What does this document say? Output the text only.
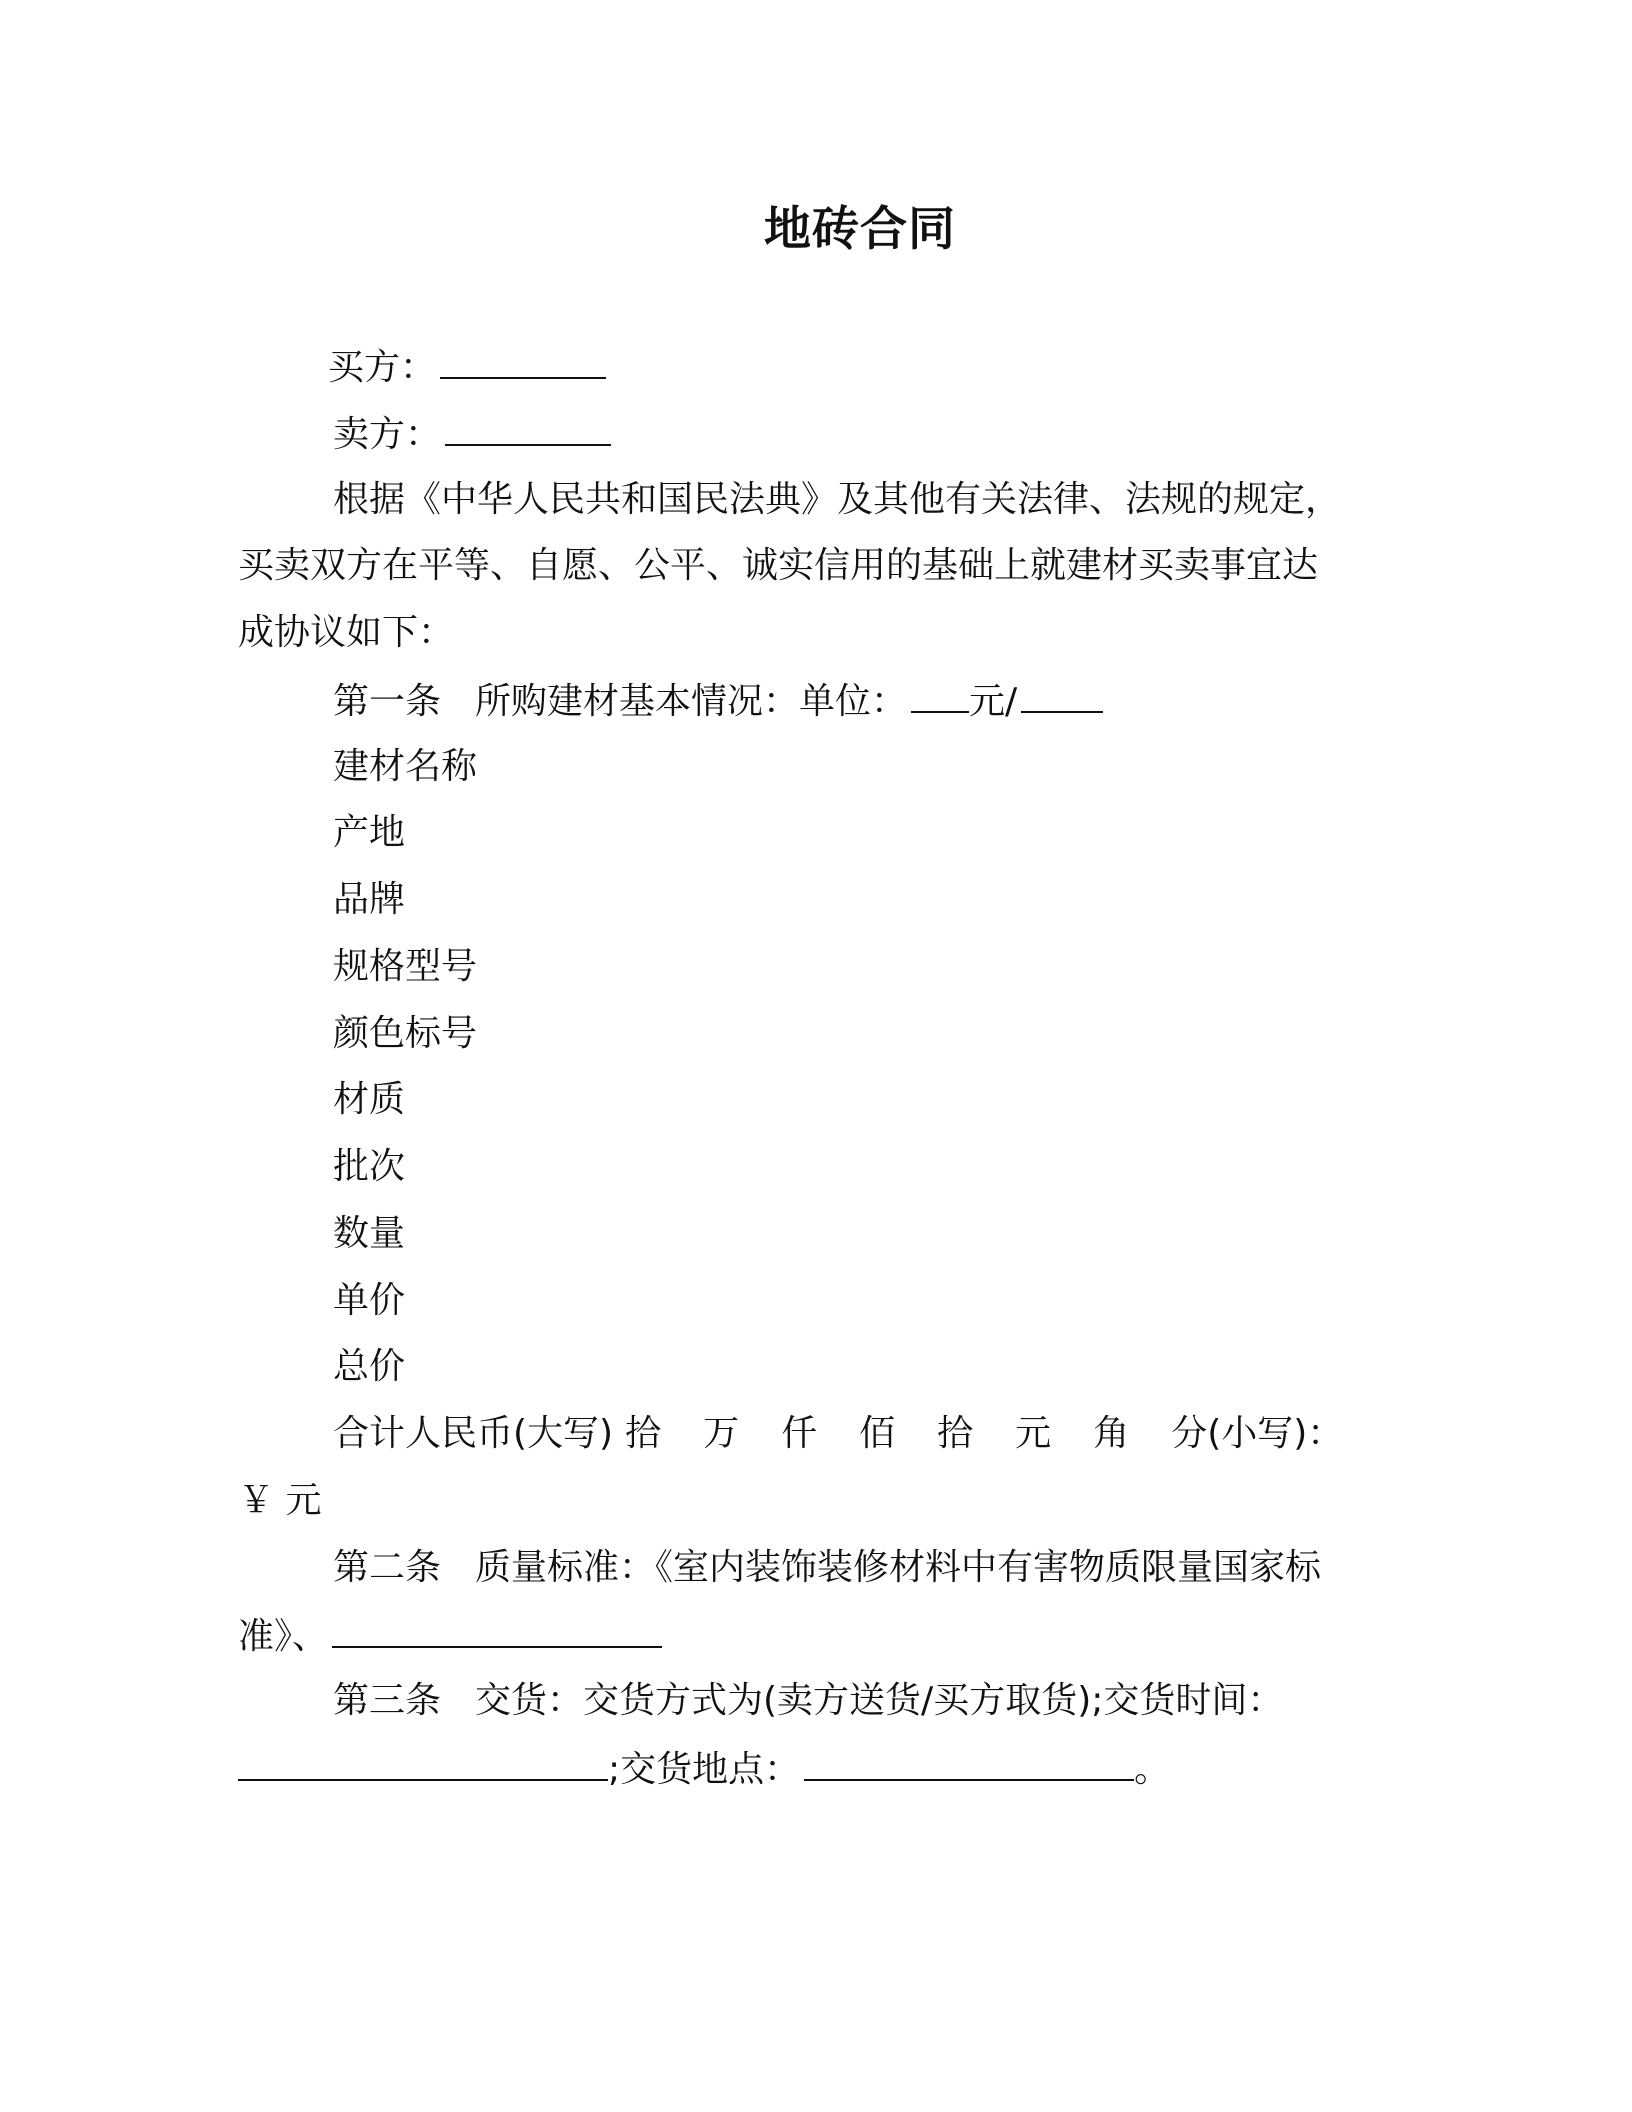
地砖合同
买方：
卖方：
根据《中华人民共和国民法典》及其他有关法律、法规的规定，
买卖双方在平等、自愿、公平、诚实信用的基础上就建材买卖事宜达
成协议如下：
第一条 所购建材基本情况：单位： 元/
建材名称
产地
品牌
规格型号
颜色标号
材质
批次
数量
单价
总价
合计人民币(大写) 拾 万 仟 佰 拾 元 角 分(小写)：
￥ 元
第二条 质量标准：《室内装饰装修材料中有害物质限量国家标
准》、
第三条 交货：交货方式为(卖方送货/买方取货);交货时间：
;交货地点：	。
